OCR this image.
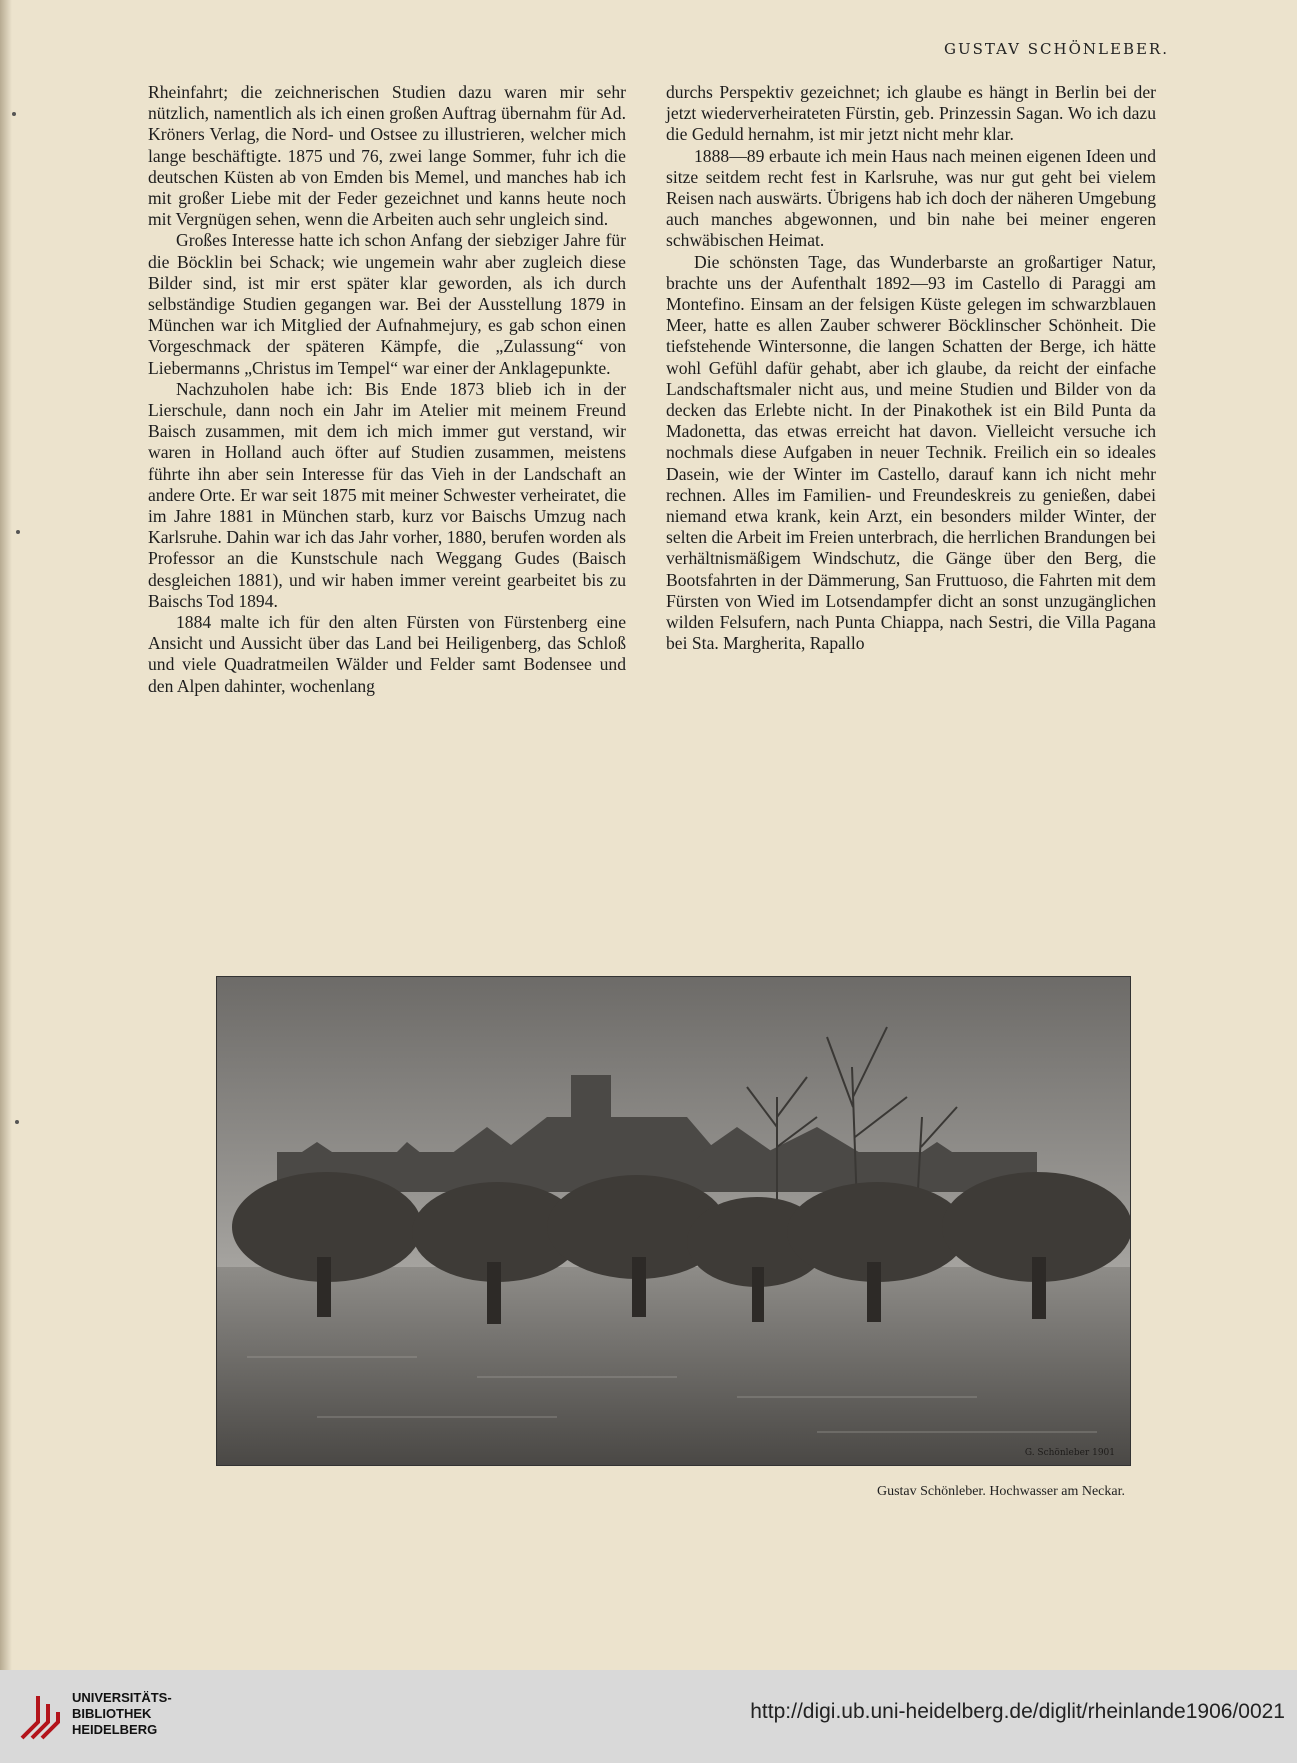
GUSTAV SCHÖNLEBER.

Rheinfahrt; die zeichnerischen Studien dazu waren mir sehr nützlich, namentlich als ich einen großen Auftrag übernahm für Ad. Kröners Verlag, die Nord- und Ostsee zu illustrieren, welcher mich lange beschäftigte. 1875 und 76, zwei lange Sommer, fuhr ich die deutschen Küsten ab von Emden bis Memel, und manches hab ich mit großer Liebe mit der Feder gezeichnet und kanns heute noch mit Vergnügen sehen, wenn die Arbeiten auch sehr ungleich sind.

Großes Interesse hatte ich schon Anfang der siebziger Jahre für die Böcklin bei Schack; wie ungemein wahr aber zugleich diese Bilder sind, ist mir erst später klar geworden, als ich durch selbständige Studien gegangen war. Bei der Ausstellung 1879 in München war ich Mitglied der Aufnahmejury, es gab schon einen Vorgeschmack der späteren Kämpfe, die „Zulassung“ von Liebermanns „Christus im Tempel“ war einer der Anklagepunkte.

Nachzuholen habe ich: Bis Ende 1873 blieb ich in der Lierschule, dann noch ein Jahr im Atelier mit meinem Freund Baisch zusammen, mit dem ich mich immer gut verstand, wir waren in Holland auch öfter auf Studien zusammen, meistens führte ihn aber sein Interesse für das Vieh in der Landschaft an andere Orte. Er war seit 1875 mit meiner Schwester verheiratet, die im Jahre 1881 in München starb, kurz vor Baischs Umzug nach Karlsruhe. Dahin war ich das Jahr vorher, 1880, berufen worden als Professor an die Kunstschule nach Weggang Gudes (Baisch desgleichen 1881), und wir haben immer vereint gearbeitet bis zu Baischs Tod 1894.

1884 malte ich für den alten Fürsten von Fürstenberg eine Ansicht und Aussicht über das Land bei Heiligenberg, das Schloß und viele Quadratmeilen Wälder und Felder samt Bodensee und den Alpen dahinter, wochenlang

durchs Perspektiv gezeichnet; ich glaube es hängt in Berlin bei der jetzt wiederverheirateten Fürstin, geb. Prinzessin Sagan. Wo ich dazu die Geduld hernahm, ist mir jetzt nicht mehr klar.

1888—89 erbaute ich mein Haus nach meinen eigenen Ideen und sitze seitdem recht fest in Karlsruhe, was nur gut geht bei vielem Reisen nach auswärts. Übrigens hab ich doch der näheren Umgebung auch manches abgewonnen, und bin nahe bei meiner engeren schwäbischen Heimat.

Die schönsten Tage, das Wunderbarste an großartiger Natur, brachte uns der Aufenthalt 1892—93 im Castello di Paraggi am Montefino. Einsam an der felsigen Küste gelegen im schwarzblauen Meer, hatte es allen Zauber schwerer Böcklinscher Schönheit. Die tiefstehende Wintersonne, die langen Schatten der Berge, ich hätte wohl Gefühl dafür gehabt, aber ich glaube, da reicht der einfache Landschaftsmaler nicht aus, und meine Studien und Bilder von da decken das Erlebte nicht. In der Pinakothek ist ein Bild Punta da Madonetta, das etwas erreicht hat davon. Vielleicht versuche ich nochmals diese Aufgaben in neuer Technik. Freilich ein so ideales Dasein, wie der Winter im Castello, darauf kann ich nicht mehr rechnen. Alles im Familien- und Freundeskreis zu genießen, dabei niemand etwa krank, kein Arzt, ein besonders milder Winter, der selten die Arbeit im Freien unterbrach, die herrlichen Brandungen bei verhältnismäßigem Windschutz, die Gänge über den Berg, die Bootsfahrten in der Dämmerung, San Fruttuoso, die Fahrten mit dem Fürsten von Wied im Lotsendampfer dicht an sonst unzugänglichen wilden Felsufern, nach Punta Chiappa, nach Sestri, die Villa Pagana bei Sta. Margherita, Rapallo

G. Schönleber 1901
Gustav Schönleber. Hochwasser am Neckar.
UNIVERSITÄTS-
BIBLIOTHEK
HEIDELBERG
http://digi.ub.uni-heidelberg.de/diglit/rheinlande1906/0021
